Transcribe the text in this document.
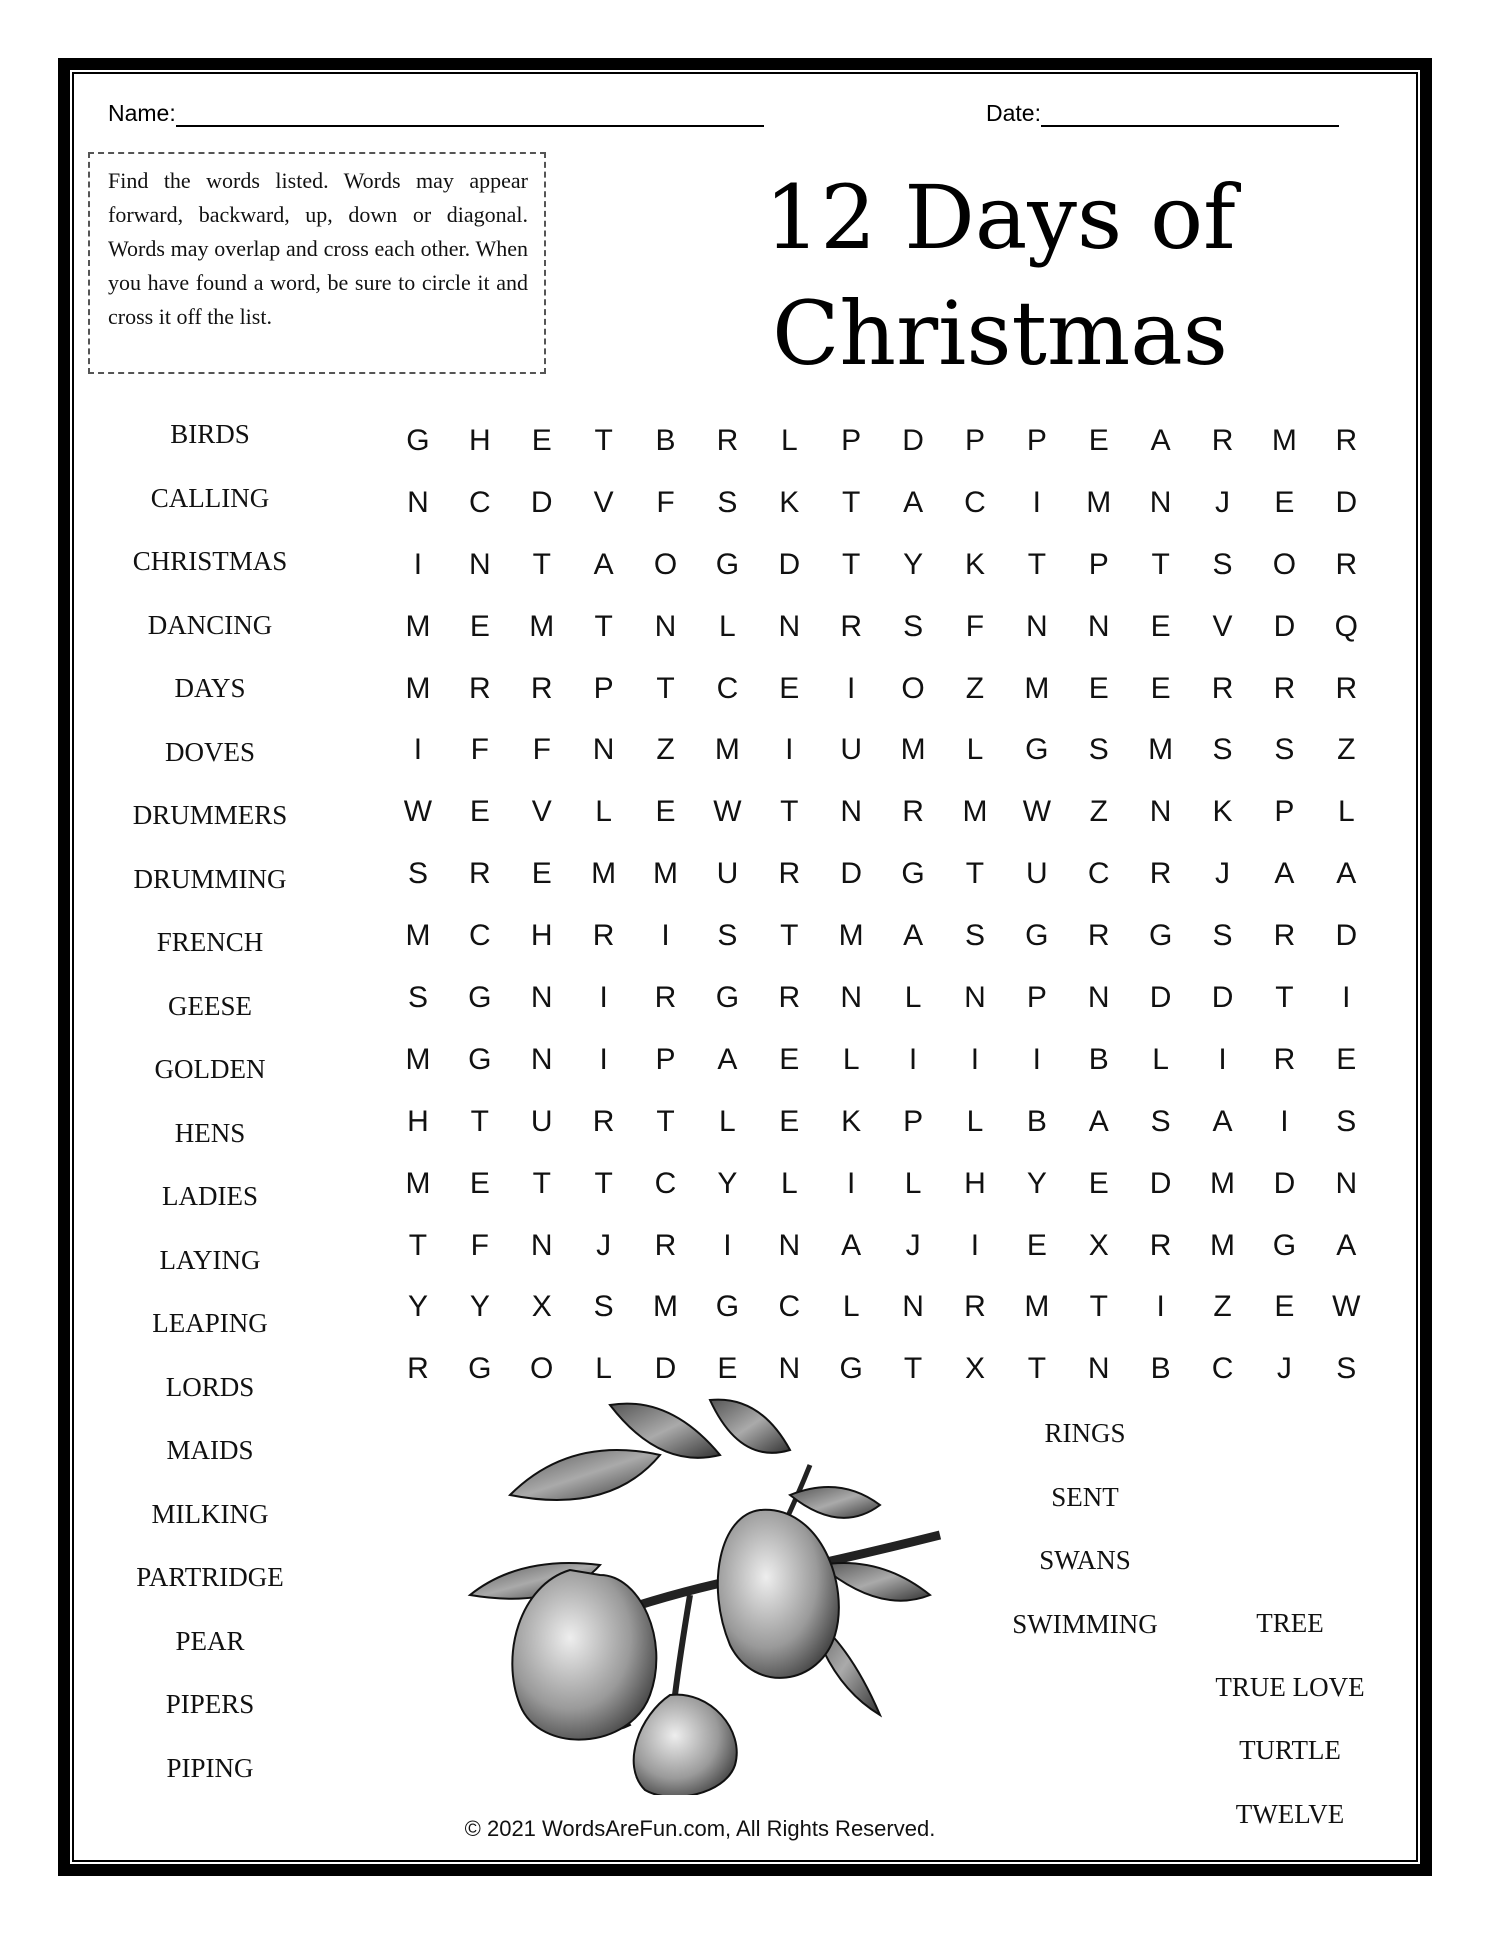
Name:	Date:
Find the words listed. Words may appear forward, backward, up, down or diagonal. Words may overlap and cross each other. When you have found a word, be sure to circle it and cross it off the list.
12 Days of
Christmas
BIRDS
CALLING
CHRISTMAS
DANCING
DAYS
DOVES
DRUMMERS
DRUMMING
FRENCH
GEESE
GOLDEN
HENS
LADIES
LAYING
LEAPING
LORDS
MAIDS
MILKING
PARTRIDGE
PEAR
PIPERS
PIPING
G	H	E	T	B	R	L	P	D	P	P	E	A	R	M	R
N	C	D	V	F	S	K	T	A	C	I	M	N	J	E	D
I	N	T	A	O	G	D	T	Y	K	T	P	T	S	O	R
M	E	M	T	N	L	N	R	S	F	N	N	E	V	D	Q
M	R	R	P	T	C	E	I	O	Z	M	E	E	R	R	R
I	F	F	N	Z	M	I	U	M	L	G	S	M	S	S	Z
W	E	V	L	E	W	T	N	R	M	W	Z	N	K	P	L
S	R	E	M	M	U	R	D	G	T	U	C	R	J	A	A
M	C	H	R	I	S	T	M	A	S	G	R	G	S	R	D
S	G	N	I	R	G	R	N	L	N	P	N	D	D	T	I
M	G	N	I	P	A	E	L	I	I	I	B	L	I	R	E
H	T	U	R	T	L	E	K	P	L	B	A	S	A	I	S
M	E	T	T	C	Y	L	I	L	H	Y	E	D	M	D	N
T	F	N	J	R	I	N	A	J	I	E	X	R	M	G	A
Y	Y	X	S	M	G	C	L	N	R	M	T	I	Z	E	W
R	G	O	L	D	E	N	G	T	X	T	N	B	C	J	S
RINGS
SENT
SWANS
SWIMMING	TREE
TRUE LOVE
TURTLE
TWELVE
© 2021 WordsAreFun.com, All Rights Reserved.
